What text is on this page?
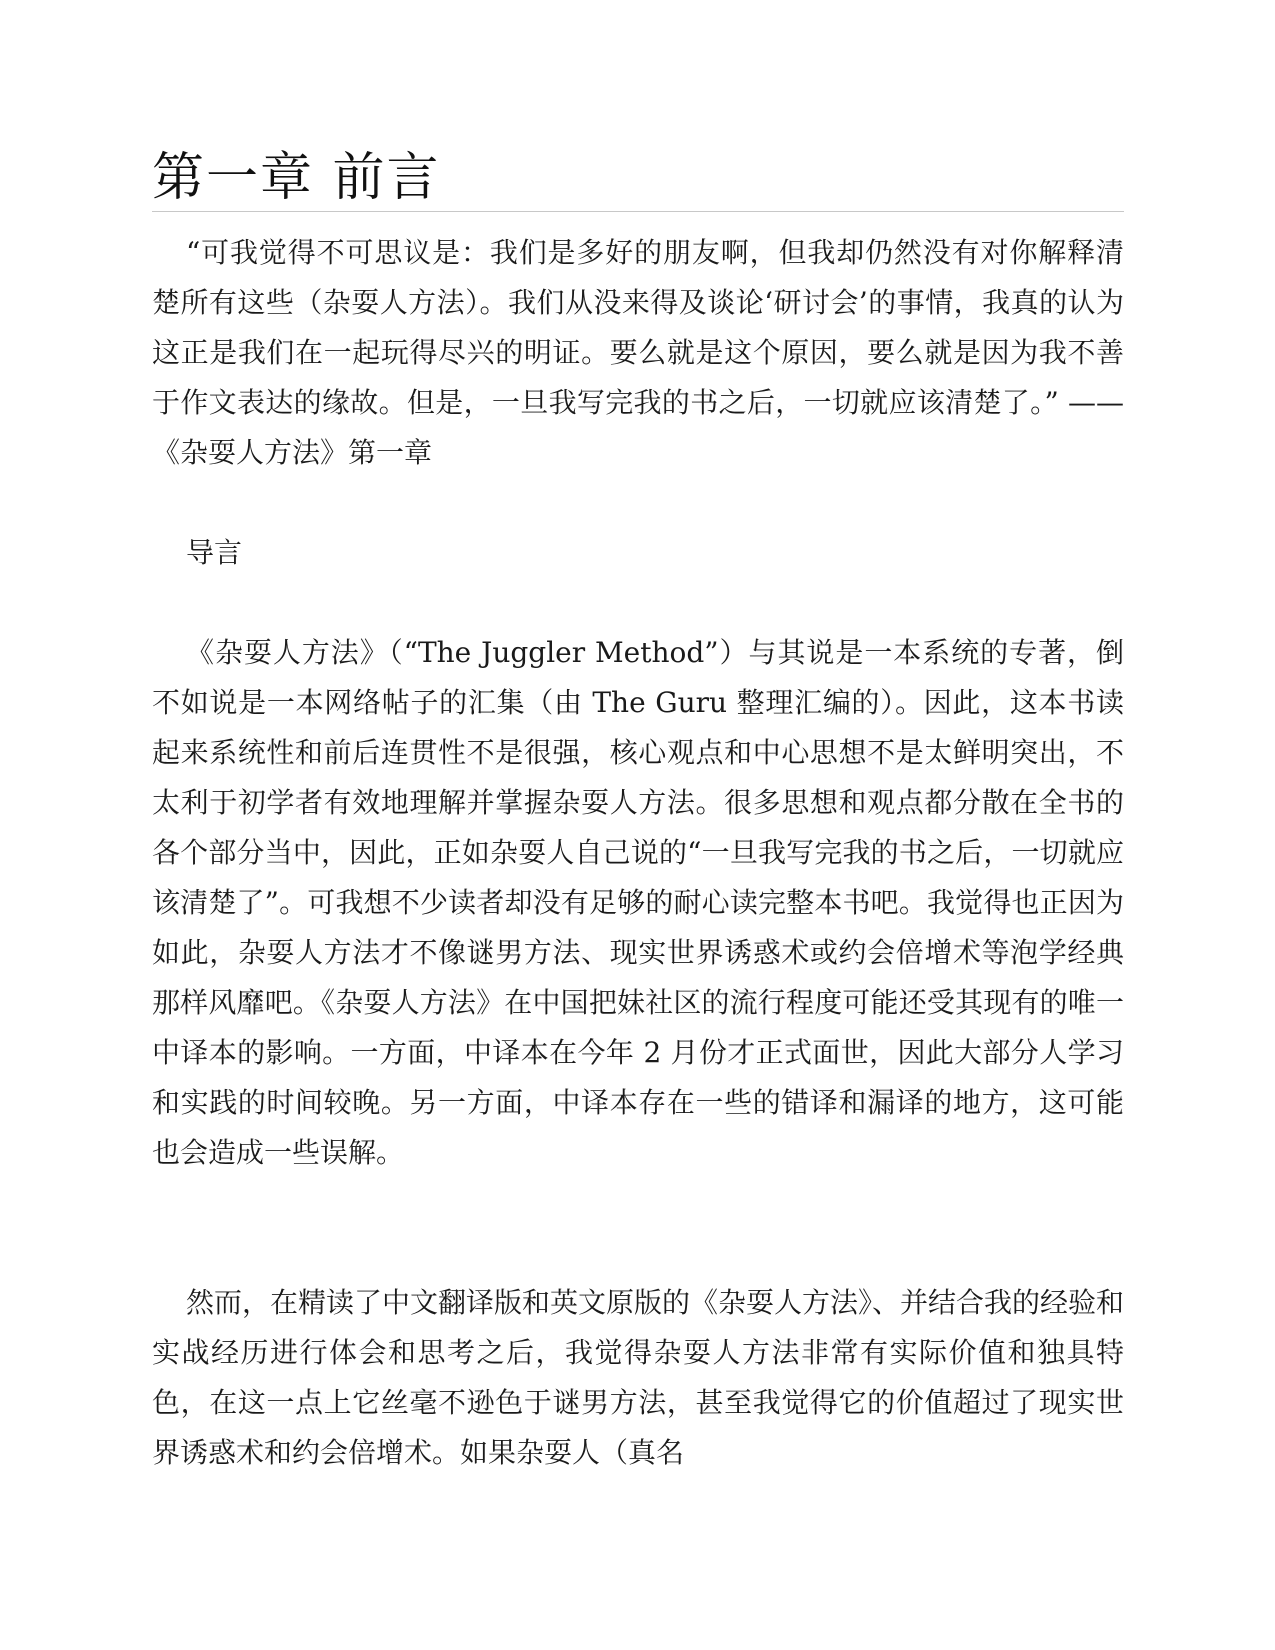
第一章 前言

“可我觉得不可思议是：我们是多好的朋友啊，但我却仍然没有对你解释清楚所有这些（杂耍人方法）。我们从没来得及谈论‘研讨会’的事情，我真的认为这正是我们在一起玩得尽兴的明证。要么就是这个原因，要么就是因为我不善于作文表达的缘故。但是，一旦我写完我的书之后，一切就应该清楚了。” ——《杂耍人方法》第一章

导言

《杂耍人方法》（“The Juggler Method”）与其说是一本系统的专著，倒不如说是一本网络帖子的汇集（由 The Guru 整理汇编的）。因此，这本书读起来系统性和前后连贯性不是很强，核心观点和中心思想不是太鲜明突出，不太利于初学者有效地理解并掌握杂耍人方法。很多思想和观点都分散在全书的各个部分当中，因此，正如杂耍人自己说的“一旦我写完我的书之后，一切就应该清楚了”。可我想不少读者却没有足够的耐心读完整本书吧。我觉得也正因为如此，杂耍人方法才不像谜男方法、现实世界诱惑术或约会倍增术等泡学经典那样风靡吧。《杂耍人方法》在中国把妹社区的流行程度可能还受其现有的唯一中译本的影响。一方面，中译本在今年 2 月份才正式面世，因此大部分人学习和实践的时间较晚。另一方面，中译本存在一些的错译和漏译的地方，这可能也会造成一些误解。

然而，在精读了中文翻译版和英文原版的《杂耍人方法》、并结合我的经验和实战经历进行体会和思考之后，我觉得杂耍人方法非常有实际价值和独具特色，在这一点上它丝毫不逊色于谜男方法，甚至我觉得它的价值超过了现实世界诱惑术和约会倍增术。如果杂耍人（真名
